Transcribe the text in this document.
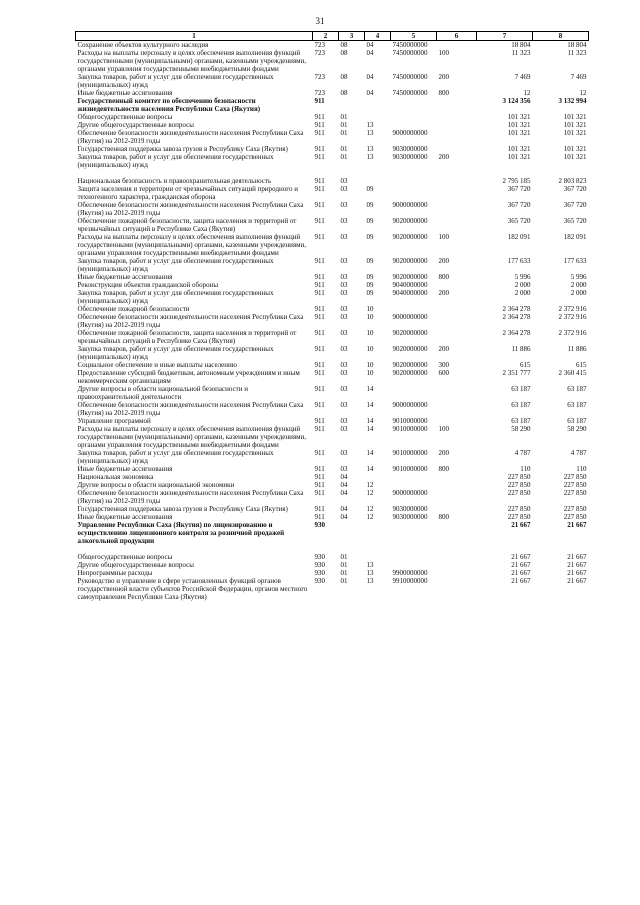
31
1	2	3	4	5	6	7	8
Сохранение объектов культурного наследия	723	08	04	7450000000		18 804	18 804
Расходы на выплаты персоналу в целях обеспечения выполнения функций государственными (муниципальными) органами, казенными учреждениями, органами управления государственными внебюджетными фондами	723	08	04	7450000000	100	11 323	11 323
Закупка товаров, работ и услуг для обеспечения государственных (муниципальных) нужд	723	08	04	7450000000	200	7 469	7 469
Иные бюджетные ассигнования	723	08	04	7450000000	800	12	12
Государственный комитет по обеспечению безопасности жизнедеятельности населения Республики Саха (Якутия)	911					3 124 356	3 132 994
Общегосударственные вопросы	911	01				101 321	101 321
Другие общегосударственные вопросы	911	01	13			101 321	101 321
Обеспечение безопасности жизнедеятельности населения Республики Саха (Якутия) на 2012-2019 годы	911	01	13	9000000000		101 321	101 321
Государственная поддержка завоза грузов в Республику Саха (Якутия)	911	01	13	9030000000		101 321	101 321
Закупка товаров, работ и услуг для обеспечения государственных (муниципальных) нужд	911	01	13	9030000000	200	101 321	101 321

Национальная безопасность и правоохранительная деятельность	911	03				2 795 185	2 803 823
Защита населения и территории от чрезвычайных ситуаций природного и техногенного характера, гражданская оборона	911	03	09			367 720	367 720
Обеспечение безопасности жизнедеятельности населения Республики Саха (Якутия) на 2012-2019 годы	911	03	09	9000000000		367 720	367 720
Обеспечение пожарной безопасности, защита населения и территорий от чрезвычайных ситуаций в Республике Саха (Якутия)	911	03	09	9020000000		365 720	365 720
Расходы на выплаты персоналу в целях обеспечения выполнения функций государственными (муниципальными) органами, казенными учреждениями, органами управления государственными внебюджетными фондами	911	03	09	9020000000	100	182 091	182 091
Закупка товаров, работ и услуг для обеспечения государственных (муниципальных) нужд	911	03	09	9020000000	200	177 633	177 633
Иные бюджетные ассигнования	911	03	09	9020000000	800	5 996	5 996
Реконструкция объектов гражданской обороны	911	03	09	9040000000		2 000	2 000
Закупка товаров, работ и услуг для обеспечения государственных (муниципальных) нужд	911	03	09	9040000000	200	2 000	2 000
Обеспечение пожарной безопасности	911	03	10			2 364 278	2 372 916
Обеспечение безопасности жизнедеятельности населения Республики Саха (Якутия) на 2012-2019 годы	911	03	10	9000000000		2 364 278	2 372 916
Обеспечение пожарной безопасности, защита населения и территорий от чрезвычайных ситуаций в Республике Саха (Якутия)	911	03	10	9020000000		2 364 278	2 372 916
Закупка товаров, работ и услуг для обеспечения государственных (муниципальных) нужд	911	03	10	9020000000	200	11 886	11 886
Социальное обеспечение и иные выплаты населению	911	03	10	9020000000	300	615	615
Предоставление субсидий бюджетным, автономным учреждениям и иным некоммерческим организациям	911	03	10	9020000000	600	2 351 777	2 360 415
Другие вопросы в области национальной безопасности и правоохранительной деятельности	911	03	14			63 187	63 187
Обеспечение безопасности жизнедеятельности населения Республики Саха (Якутия) на 2012-2019 годы	911	03	14	9000000000		63 187	63 187
Управление программой	911	03	14	9010000000		63 187	63 187
Расходы на выплаты персоналу в целях обеспечения выполнения функций государственными (муниципальными) органами, казенными учреждениями, органами управления государственными внебюджетными фондами	911	03	14	9010000000	100	58 290	58 290
Закупка товаров, работ и услуг для обеспечения государственных (муниципальных) нужд	911	03	14	9010000000	200	4 787	4 787
Иные бюджетные ассигнования	911	03	14	9010000000	800	110	110
Национальная экономика	911	04				227 850	227 850
Другие вопросы в области национальной экономики	911	04	12			227 850	227 850
Обеспечение безопасности жизнедеятельности населения Республики Саха (Якутия) на 2012-2019 годы	911	04	12	9000000000		227 850	227 850
Государственная поддержка завоза грузов в Республику Саха (Якутия)	911	04	12	9030000000		227 850	227 850
Иные бюджетные ассигнования	911	04	12	9030000000	800	227 850	227 850
Управление Республики Саха (Якутия) по лицензированию и осуществлению лицензионного контроля за розничной продажей алкогольной продукции	930					21 667	21 667

Общегосударственные вопросы	930	01				21 667	21 667
Другие общегосударственные вопросы	930	01	13			21 667	21 667
Непрограммные расходы	930	01	13	9900000000		21 667	21 667
Руководство и управление в сфере установленных функций органов государственной власти субъектов Российской Федерации, органов местного самоуправления Республики Саха (Якутия)	930	01	13	9910000000		21 667	21 667
